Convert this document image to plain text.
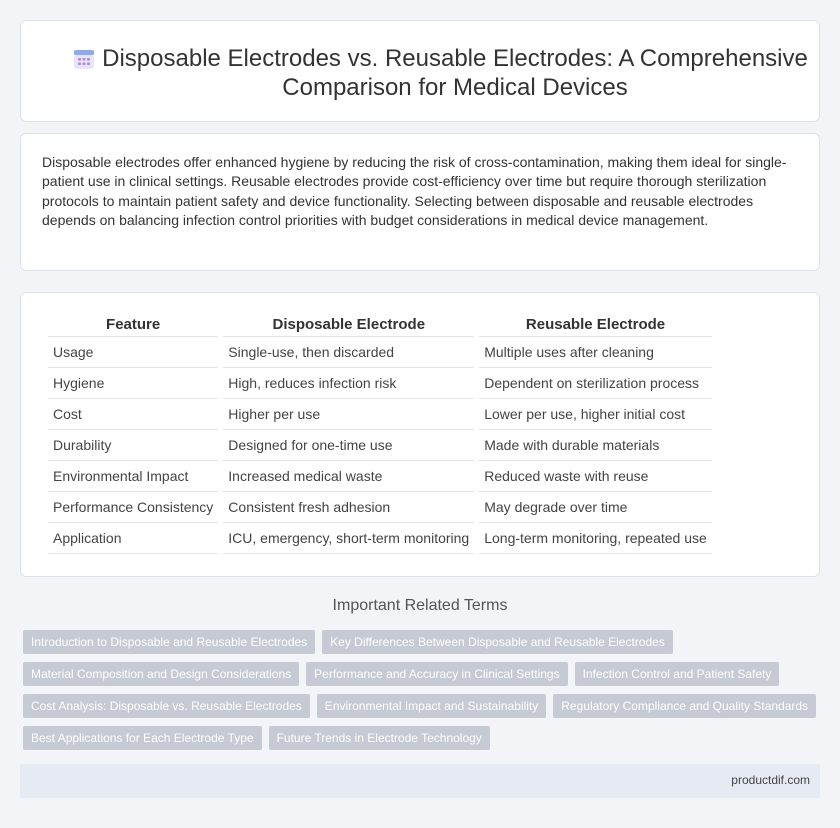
Disposable Electrodes vs. Reusable Electrodes: A Comprehensive Comparison for Medical Devices

Disposable electrodes offer enhanced hygiene by reducing the risk of cross-contamination, making them ideal for single-patient use in clinical settings. Reusable electrodes provide cost-efficiency over time but require thorough sterilization protocols to maintain patient safety and device functionality. Selecting between disposable and reusable electrodes depends on balancing infection control priorities with budget considerations in medical device management.

Feature	Disposable Electrode	Reusable Electrode
Usage	Single-use, then discarded	Multiple uses after cleaning
Hygiene	High, reduces infection risk	Dependent on sterilization process
Cost	Higher per use	Lower per use, higher initial cost
Durability	Designed for one-time use	Made with durable materials
Environmental Impact	Increased medical waste	Reduced waste with reuse
Performance Consistency	Consistent fresh adhesion	May degrade over time
Application	ICU, emergency, short-term monitoring	Long-term monitoring, repeated use
Important Related Terms
Introduction to Disposable and Reusable Electrodes	Key Differences Between Disposable and Reusable Electrodes
Material Composition and Design Considerations	Performance and Accuracy in Clinical Settings	Infection Control and Patient Safety
Cost Analysis: Disposable vs. Reusable Electrodes	Environmental Impact and Sustainability	Regulatory Compliance and Quality Standards
Best Applications for Each Electrode Type	Future Trends in Electrode Technology
productdif.com
